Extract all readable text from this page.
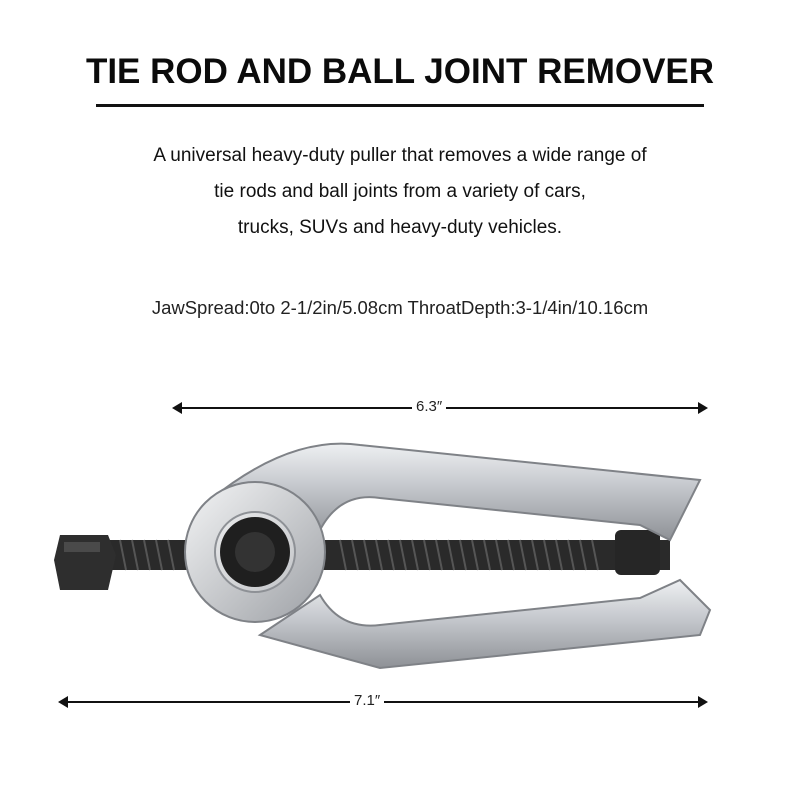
TIE ROD AND BALL JOINT REMOVER
A universal heavy-duty puller that removes a wide range of
tie rods and ball joints from a variety of cars,
trucks, SUVs and heavy-duty vehicles.
JawSpread:0to 2-1/2in/5.08cm ThroatDepth:3-1/4in/10.16cm
6.3″
7.1″
